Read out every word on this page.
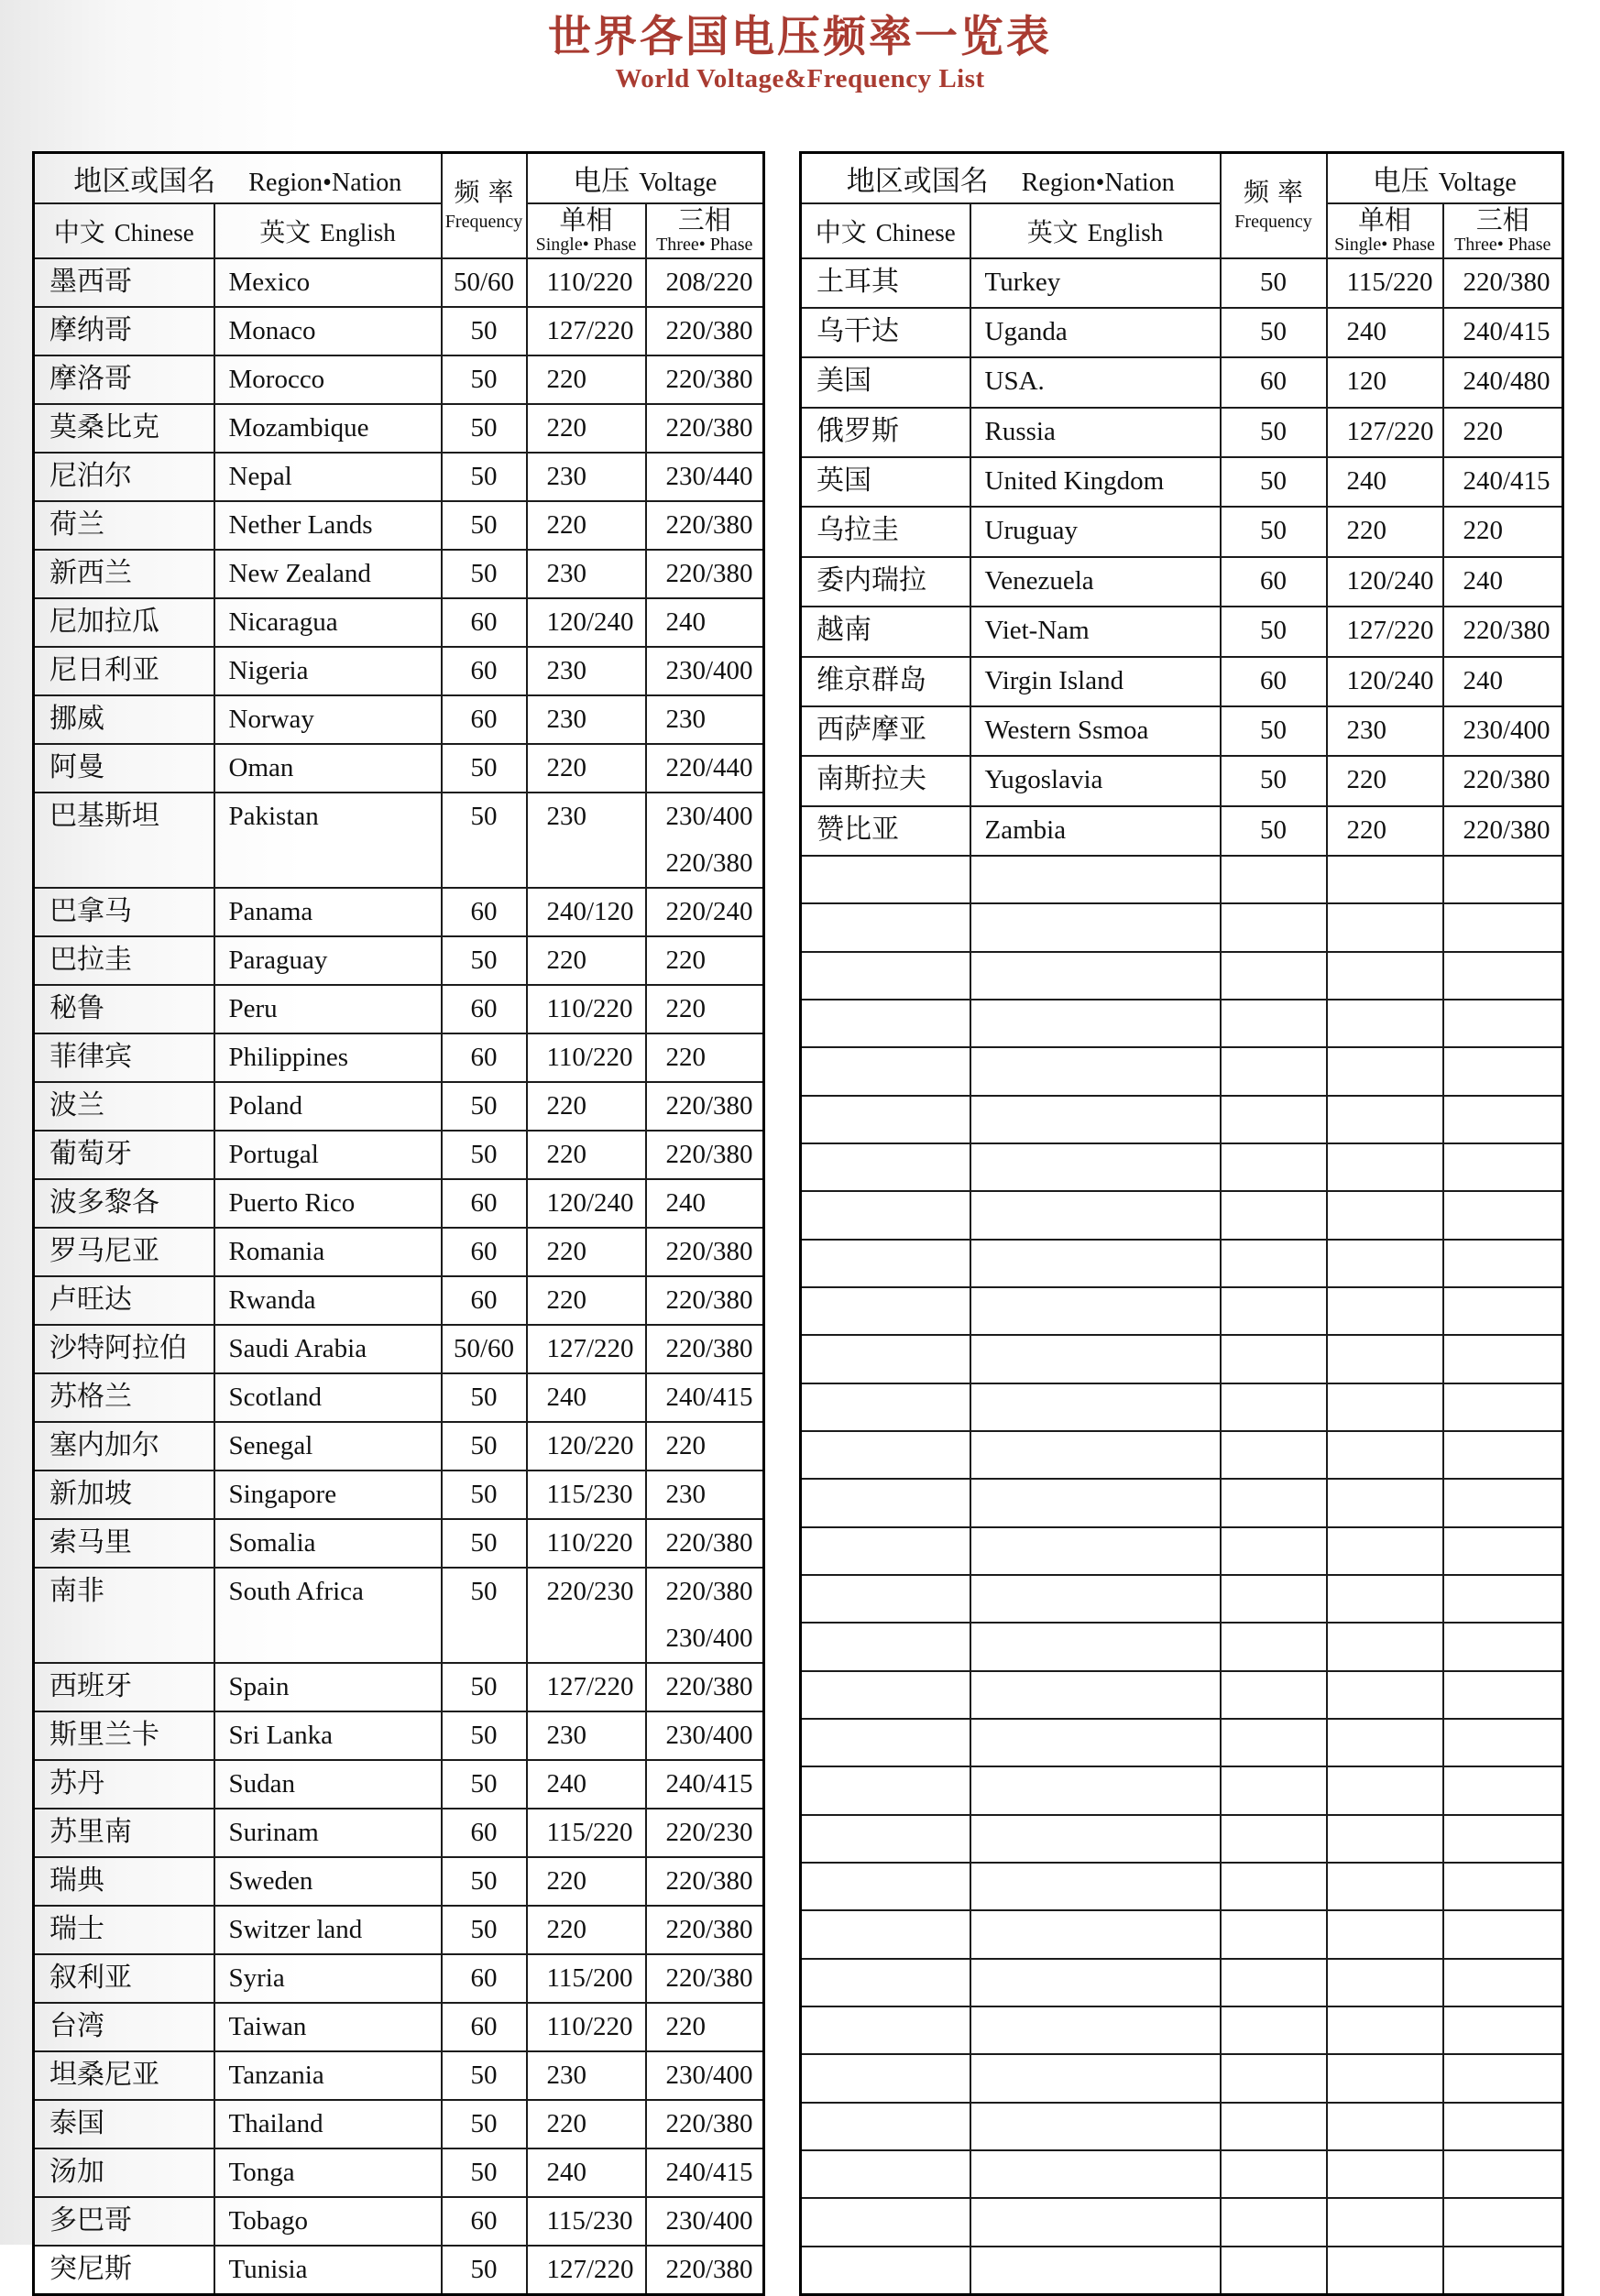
世界各国电压频率一览表
World Voltage&Frequency List
地区或国名 Region•Nation		频率
Frequency	电压 Voltage	
中文 Chinese	英文 English		单相
Single• Phase	三相
Three• Phase

墨西哥	Mexico	50/60	110/220	208/220

摩纳哥	Monaco	50	127/220	220/380

摩洛哥	Morocco	50	220	220/380

莫桑比克	Mozambique	50	220	220/380

尼泊尔	Nepal	50	230	230/440

荷兰	Nether Lands	50	220	220/380

新西兰	New Zealand	50	230	220/380

尼加拉瓜	Nicaragua	60	120/240	240

尼日利亚	Nigeria	60	230	230/400

挪威	Norway	60	230	230

阿曼	Oman	50	220	220/440

巴基斯坦	Pakistan	50	230	230/400
220/380

巴拿马	Panama	60	240/120	220/240

巴拉圭	Paraguay	50	220	220

秘鲁	Peru	60	110/220	220

菲律宾	Philippines	60	110/220	220

波兰	Poland	50	220	220/380

葡萄牙	Portugal	50	220	220/380

波多黎各	Puerto Rico	60	120/240	240

罗马尼亚	Romania	60	220	220/380

卢旺达	Rwanda	60	220	220/380

沙特阿拉伯	Saudi Arabia	50/60	127/220	220/380

苏格兰	Scotland	50	240	240/415

塞内加尔	Senegal	50	120/220	220

新加坡	Singapore	50	115/230	230

索马里	Somalia	50	110/220	220/380

南非	South Africa	50	220/230	220/380
230/400

西班牙	Spain	50	127/220	220/380

斯里兰卡	Sri Lanka	50	230	230/400

苏丹	Sudan	50	240	240/415

苏里南	Surinam	60	115/220	220/230

瑞典	Sweden	50	220	220/380

瑞士	Switzer land	50	220	220/380

叙利亚	Syria	60	115/200	220/380

台湾	Taiwan	60	110/220	220

坦桑尼亚	Tanzania	50	230	230/400

泰国	Thailand	50	220	220/380

汤加	Tonga	50	240	240/415

多巴哥	Tobago	60	115/230	230/400

突尼斯	Tunisia	50	127/220	220/380
地区或国名 Region•Nation		频率
Frequency	电压 Voltage	
中文 Chinese	英文 English		单相
Single• Phase	三相
Three• Phase

土耳其	Turkey	50	115/220	220/380

乌干达	Uganda	50	240	240/415

美国	USA.	60	120	240/480

俄罗斯	Russia	50	127/220	220

英国	United Kingdom	50	240	240/415

乌拉圭	Uruguay	50	220	220

委内瑞拉	Venezuela	60	120/240	240

越南	Viet-Nam	50	127/220	220/380

维京群岛	Virgin Island	60	120/240	240

西萨摩亚	Western Ssmoa	50	230	230/400

南斯拉夫	Yugoslavia	50	220	220/380

赞比亚	Zambia	50	220	220/380
